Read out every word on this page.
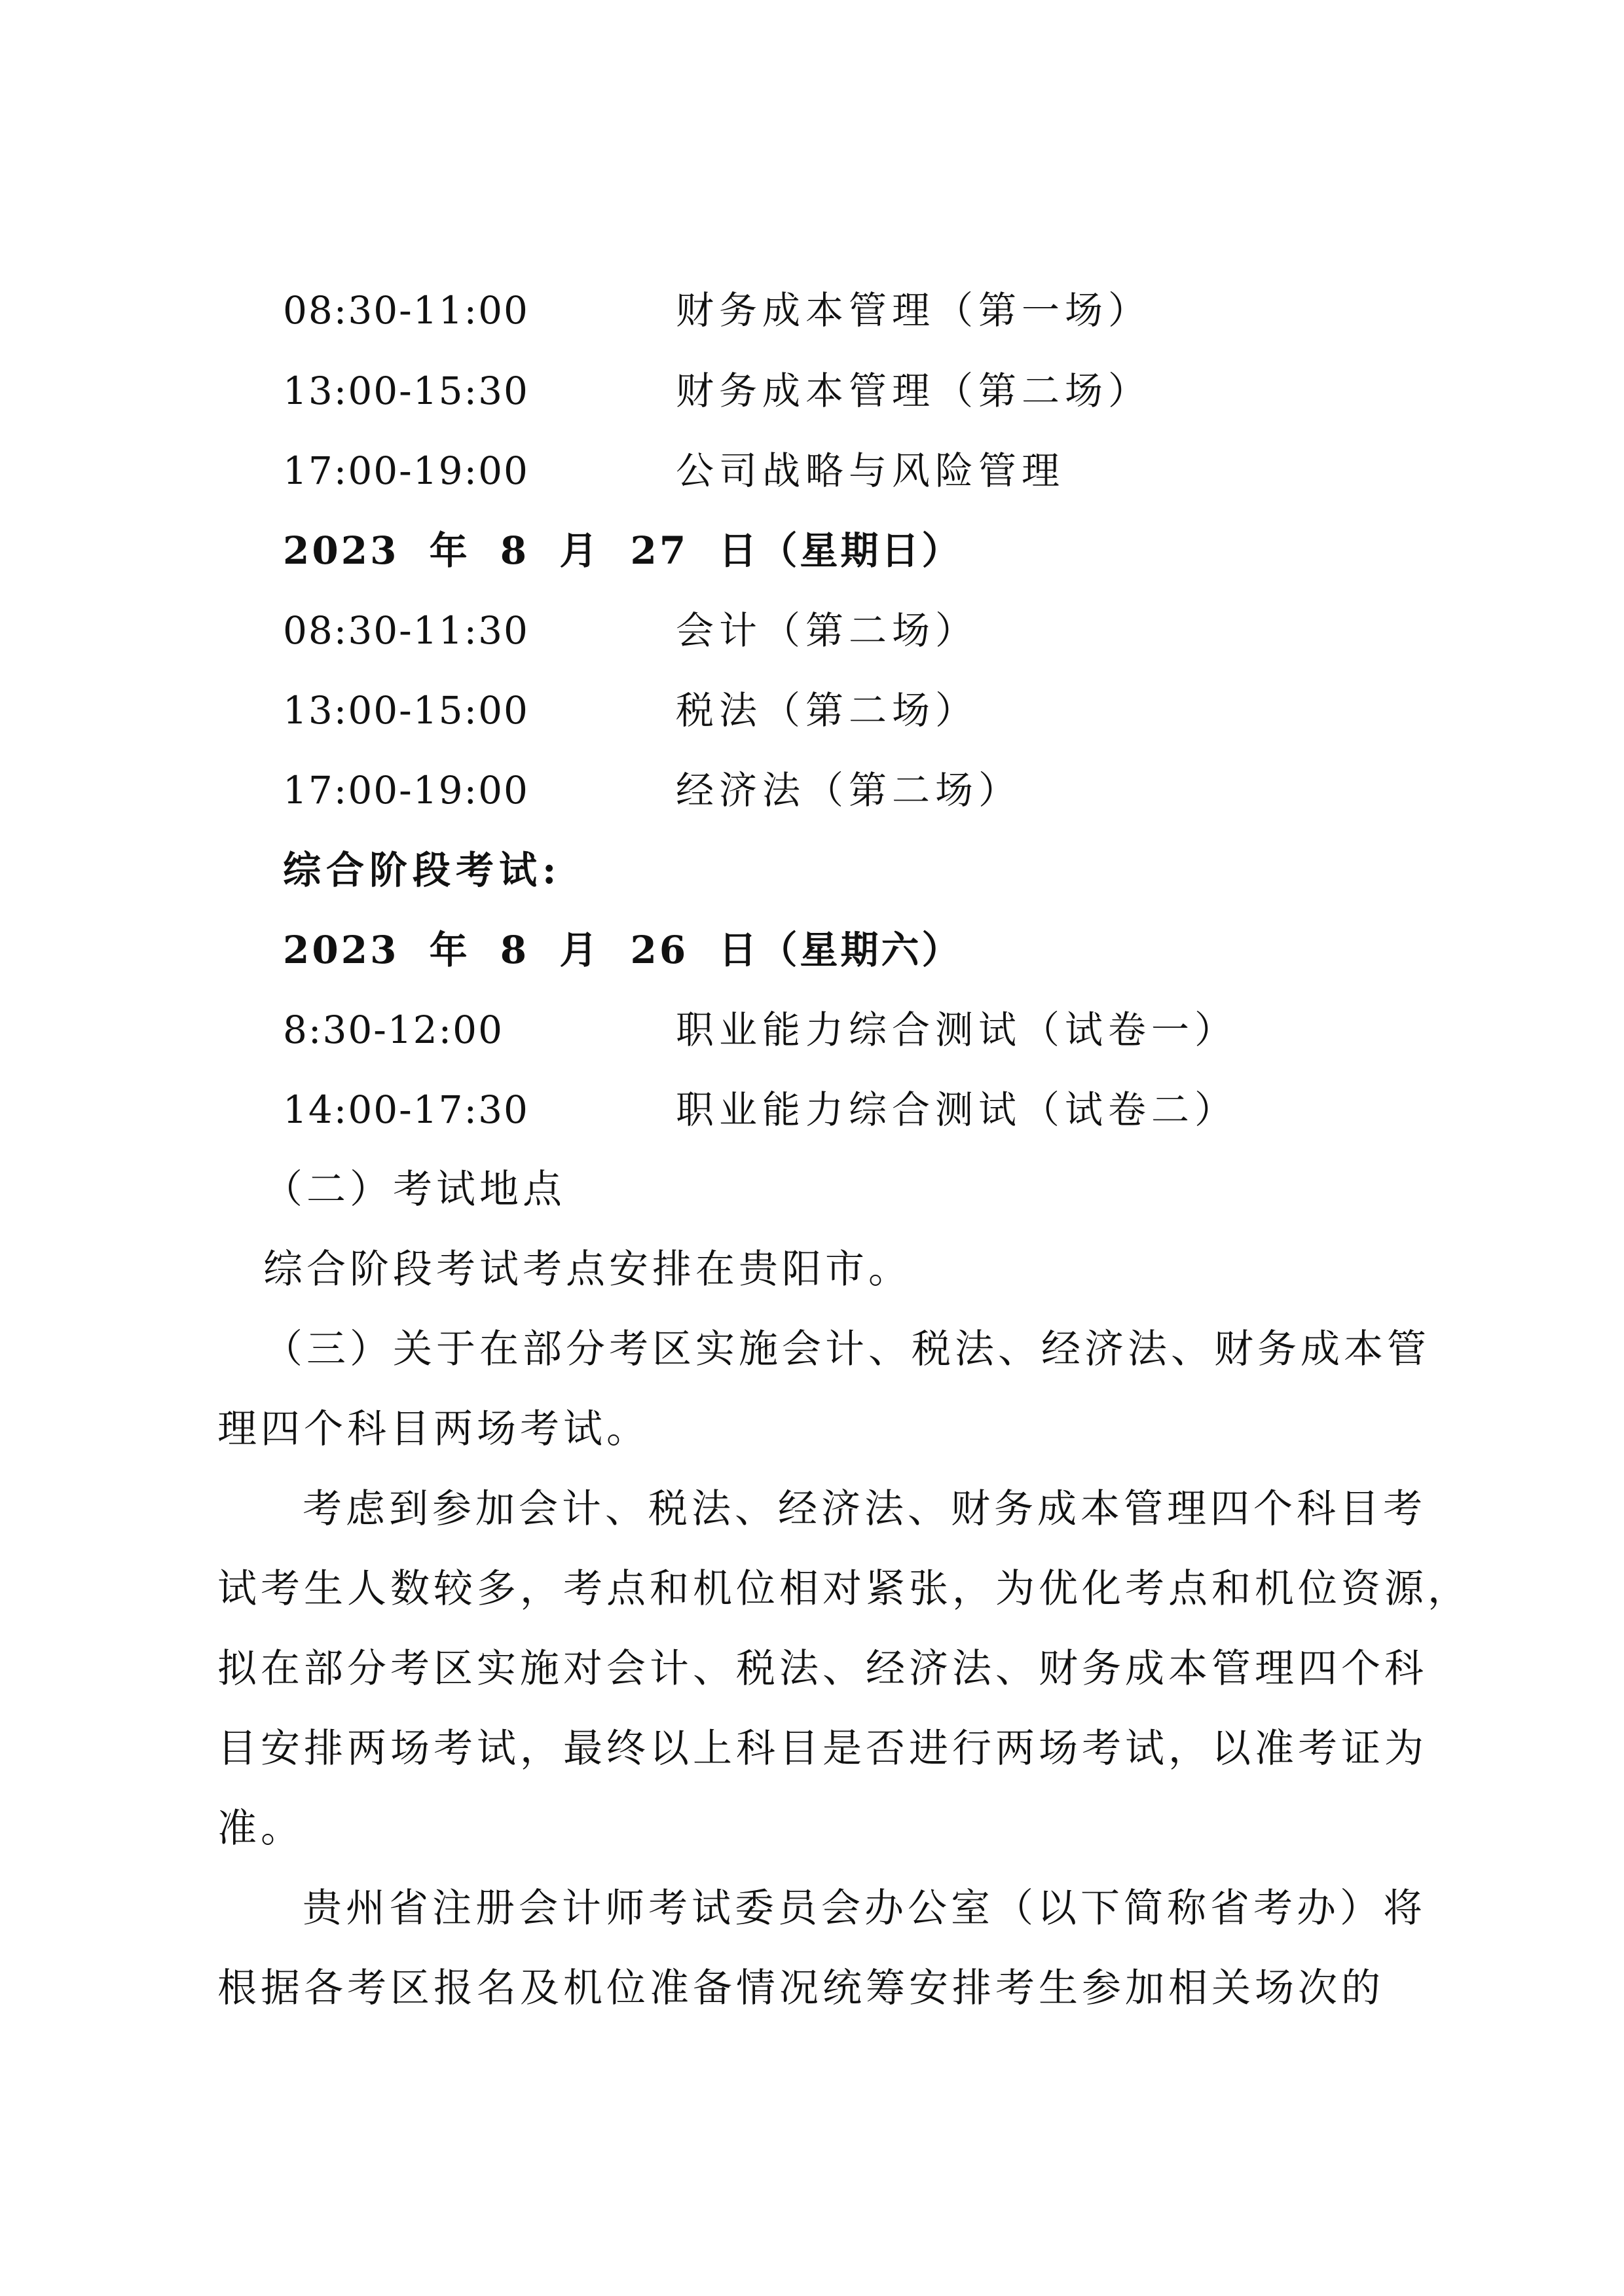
08:30-11:00	财务成本管理（第一场）
13:00-15:30	财务成本管理（第二场）
17:00-19:00	公司战略与风险管理
2023 年 8 月 27 日（星期日）
08:30-11:30	会计（第二场）
13:00-15:00	税法（第二场）
17:00-19:00	经济法（第二场）
综合阶段考试:
2023 年 8 月 26 日（星期六）
8:30-12:00	职业能力综合测试（试卷一）
14:00-17:30	职业能力综合测试（试卷二）
（二）考试地点
综合阶段考试考点安排在贵阳市。
（三）关于在部分考区实施会计、税法、经济法、财务成本管
理四个科目两场考试。
考虑到参加会计、税法、经济法、财务成本管理四个科目考
试考生人数较多，考点和机位相对紧张，为优化考点和机位资源，
拟在部分考区实施对会计、税法、经济法、财务成本管理四个科
目安排两场考试，最终以上科目是否进行两场考试，以准考证为
准。
贵州省注册会计师考试委员会办公室（以下简称省考办）将
根据各考区报名及机位准备情况统筹安排考生参加相关场次的
